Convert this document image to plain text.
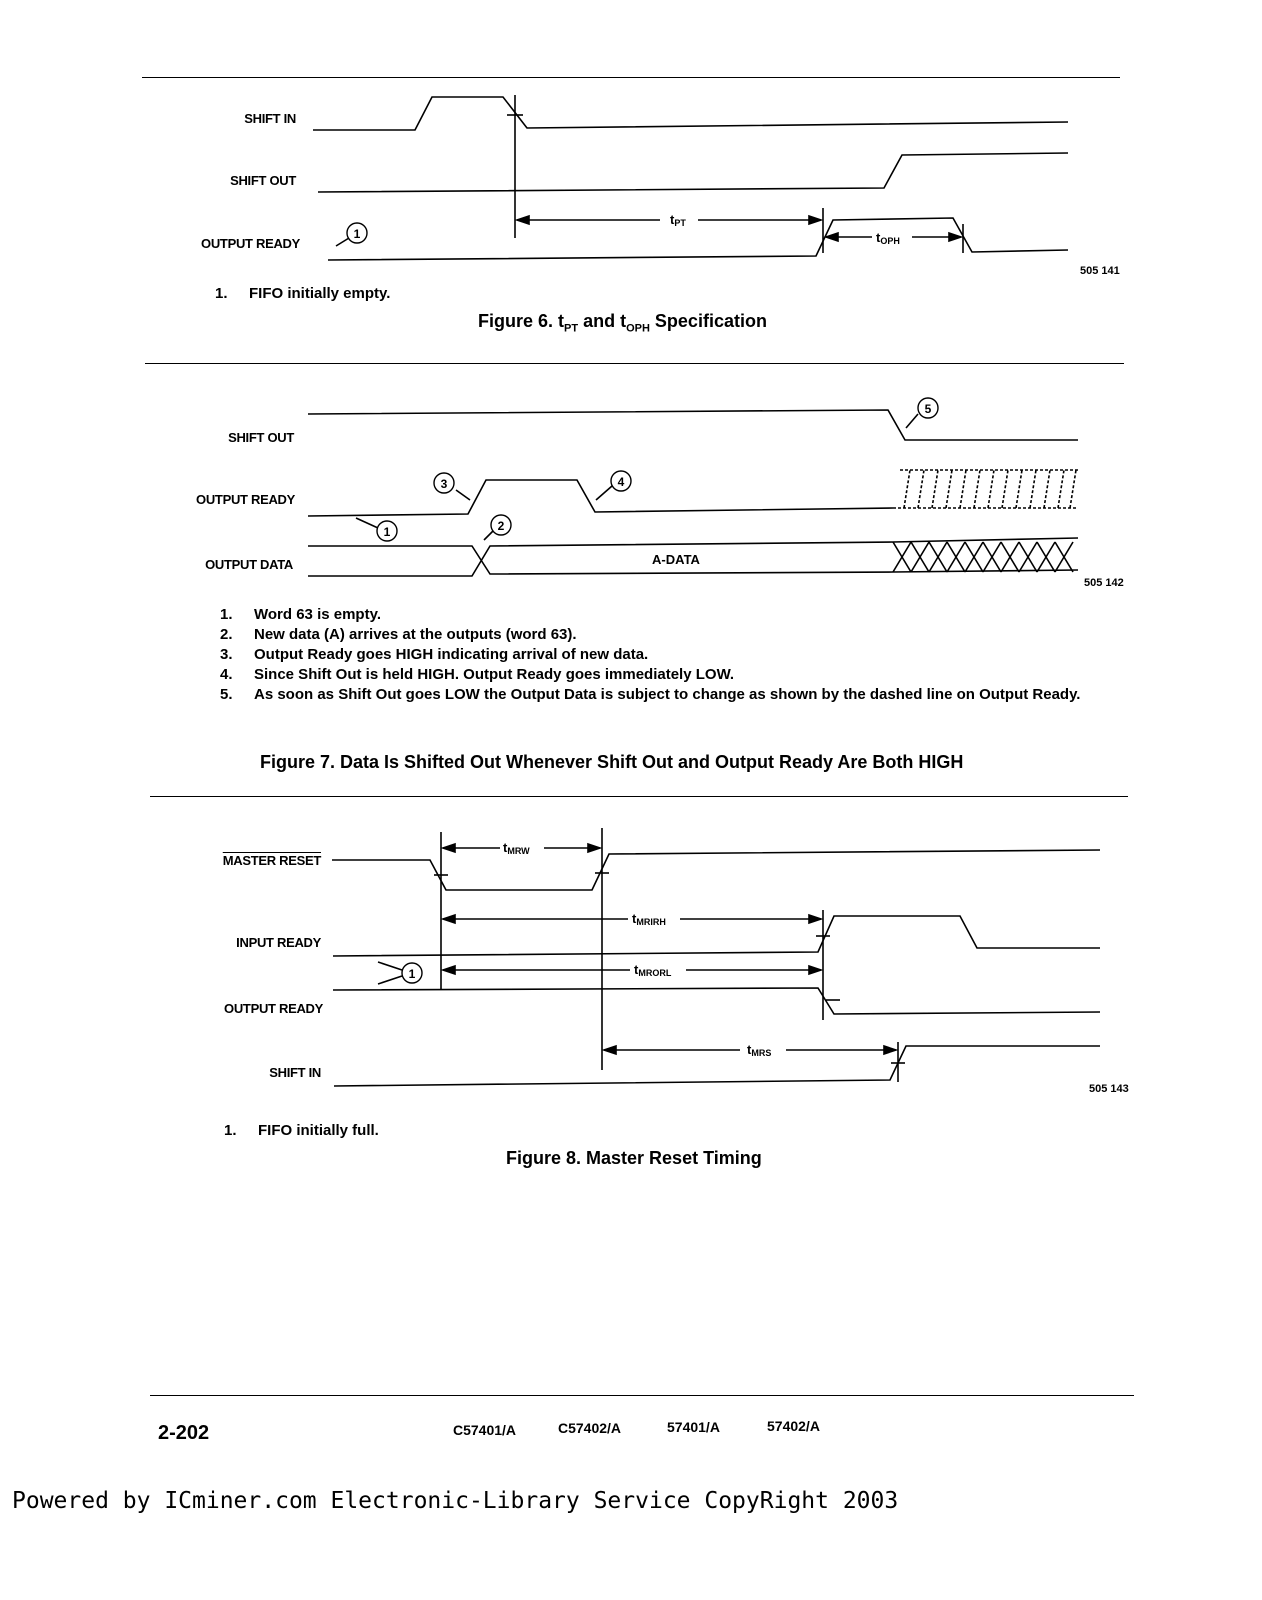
SHIFT IN
SHIFT OUT
OUTPUT READY
1
tPT
tOPH
505 141
1. FIFO initially empty.
Figure 6. $t_{PT}$ and $t_{OPH}$ Specification
SHIFT OUT
OUTPUT READY
OUTPUT DATA	A-DATA
1	2
3	4
5
505 142
1.	Word 63 is empty.
2.	New data (A) arrives at the outputs (word 63).
3.	Output Ready goes HIGH indicating arrival of new data.
4.	Since Shift Out is held HIGH. Output Ready goes immediately LOW.
5.	As soon as Shift Out goes LOW the Output Data is subject to change as shown by the dashed line on Output Ready.
Figure 7. Data Is Shifted Out Whenever Shift Out and Output Ready Are Both HIGH
MASTER RESET
INPUT READY
OUTPUT READY
SHIFT IN
tMRW
tMRIRH
tMRORL
tMRS
1
505 143
1. FIFO initially full.
Figure 8. Master Reset Timing
2-202	C57401/A	C57402/A	57401/A	57402/A
Powered by ICminer.com Electronic-Library Service CopyRight 2003
